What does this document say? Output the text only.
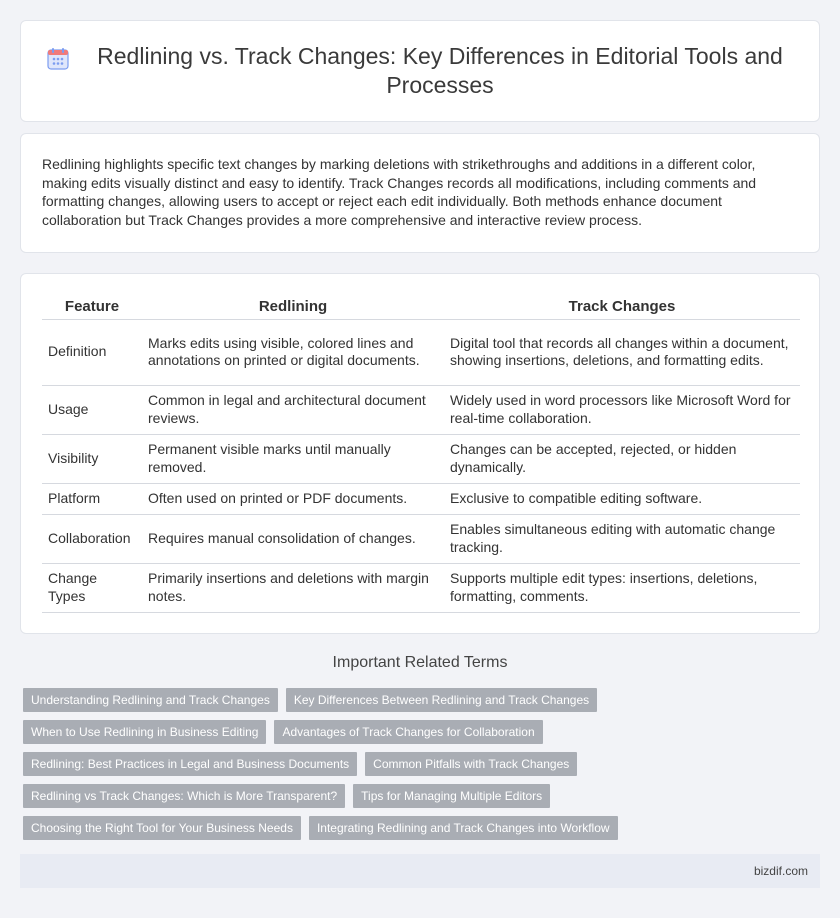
Redlining vs. Track Changes: Key Differences in Editorial Tools and Processes

Redlining highlights specific text changes by marking deletions with strikethroughs and additions in a different color, making edits visually distinct and easy to identify. Track Changes records all modifications, including comments and formatting changes, allowing users to accept or reject each edit individually. Both methods enhance document collaboration but Track Changes provides a more comprehensive and interactive review process.

Feature	Redlining	Track Changes
Definition	Marks edits using visible, colored lines and annotations on printed or digital documents.	Digital tool that records all changes within a document, showing insertions, deletions, and formatting edits.
Usage	Common in legal and architectural document reviews.	Widely used in word processors like Microsoft Word for real-time collaboration.
Visibility	Permanent visible marks until manually removed.	Changes can be accepted, rejected, or hidden dynamically.
Platform	Often used on printed or PDF documents.	Exclusive to compatible editing software.
Collaboration	Requires manual consolidation of changes.	Enables simultaneous editing with automatic change tracking.
Change Types	Primarily insertions and deletions with margin notes.	Supports multiple edit types: insertions, deletions, formatting, comments.
Important Related Terms
Understanding Redlining and Track Changes	Key Differences Between Redlining and Track Changes
When to Use Redlining in Business Editing	Advantages of Track Changes for Collaboration
Redlining: Best Practices in Legal and Business Documents	Common Pitfalls with Track Changes
Redlining vs Track Changes: Which is More Transparent?	Tips for Managing Multiple Editors
Choosing the Right Tool for Your Business Needs	Integrating Redlining and Track Changes into Workflow
bizdif.com
